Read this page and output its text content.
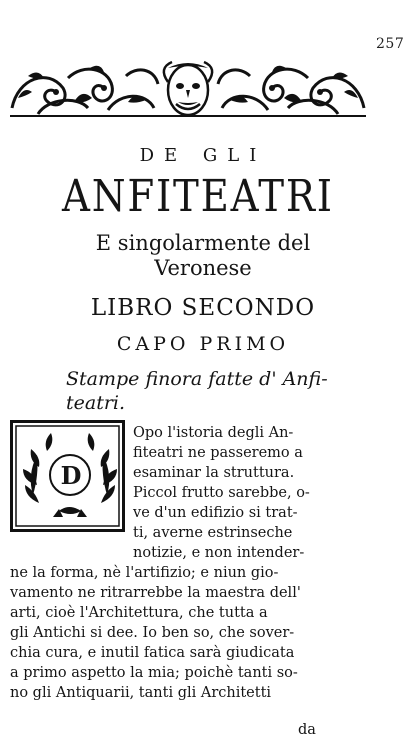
257
DE GLI
ANFITEATRI
E singolarmente del
Veronese
LIBRO SECONDO
CAPO PRIMO
Stampe finora fatte d' Anfi-
teatri.
D
Opo l'istoria degli An-
fiteatri ne passeremo a
esaminar la struttura.
Piccol frutto sarebbe, o-
ve d'un edifizio si trat-
ti, averne estrinseche
notizie, e non intender-
ne la forma, nè l'artifizio; e niun gio-
vamento ne ritrarrebbe la maestra dell'
arti, cioè l'Architettura, che tutta a
gli Antichi si dee. Io ben so, che sover-
chia cura, e inutil fatica sarà giudicata
a primo aspetto la mia; poichè tanti so-
no gli Antiquarii, tanti gli Architetti
da
